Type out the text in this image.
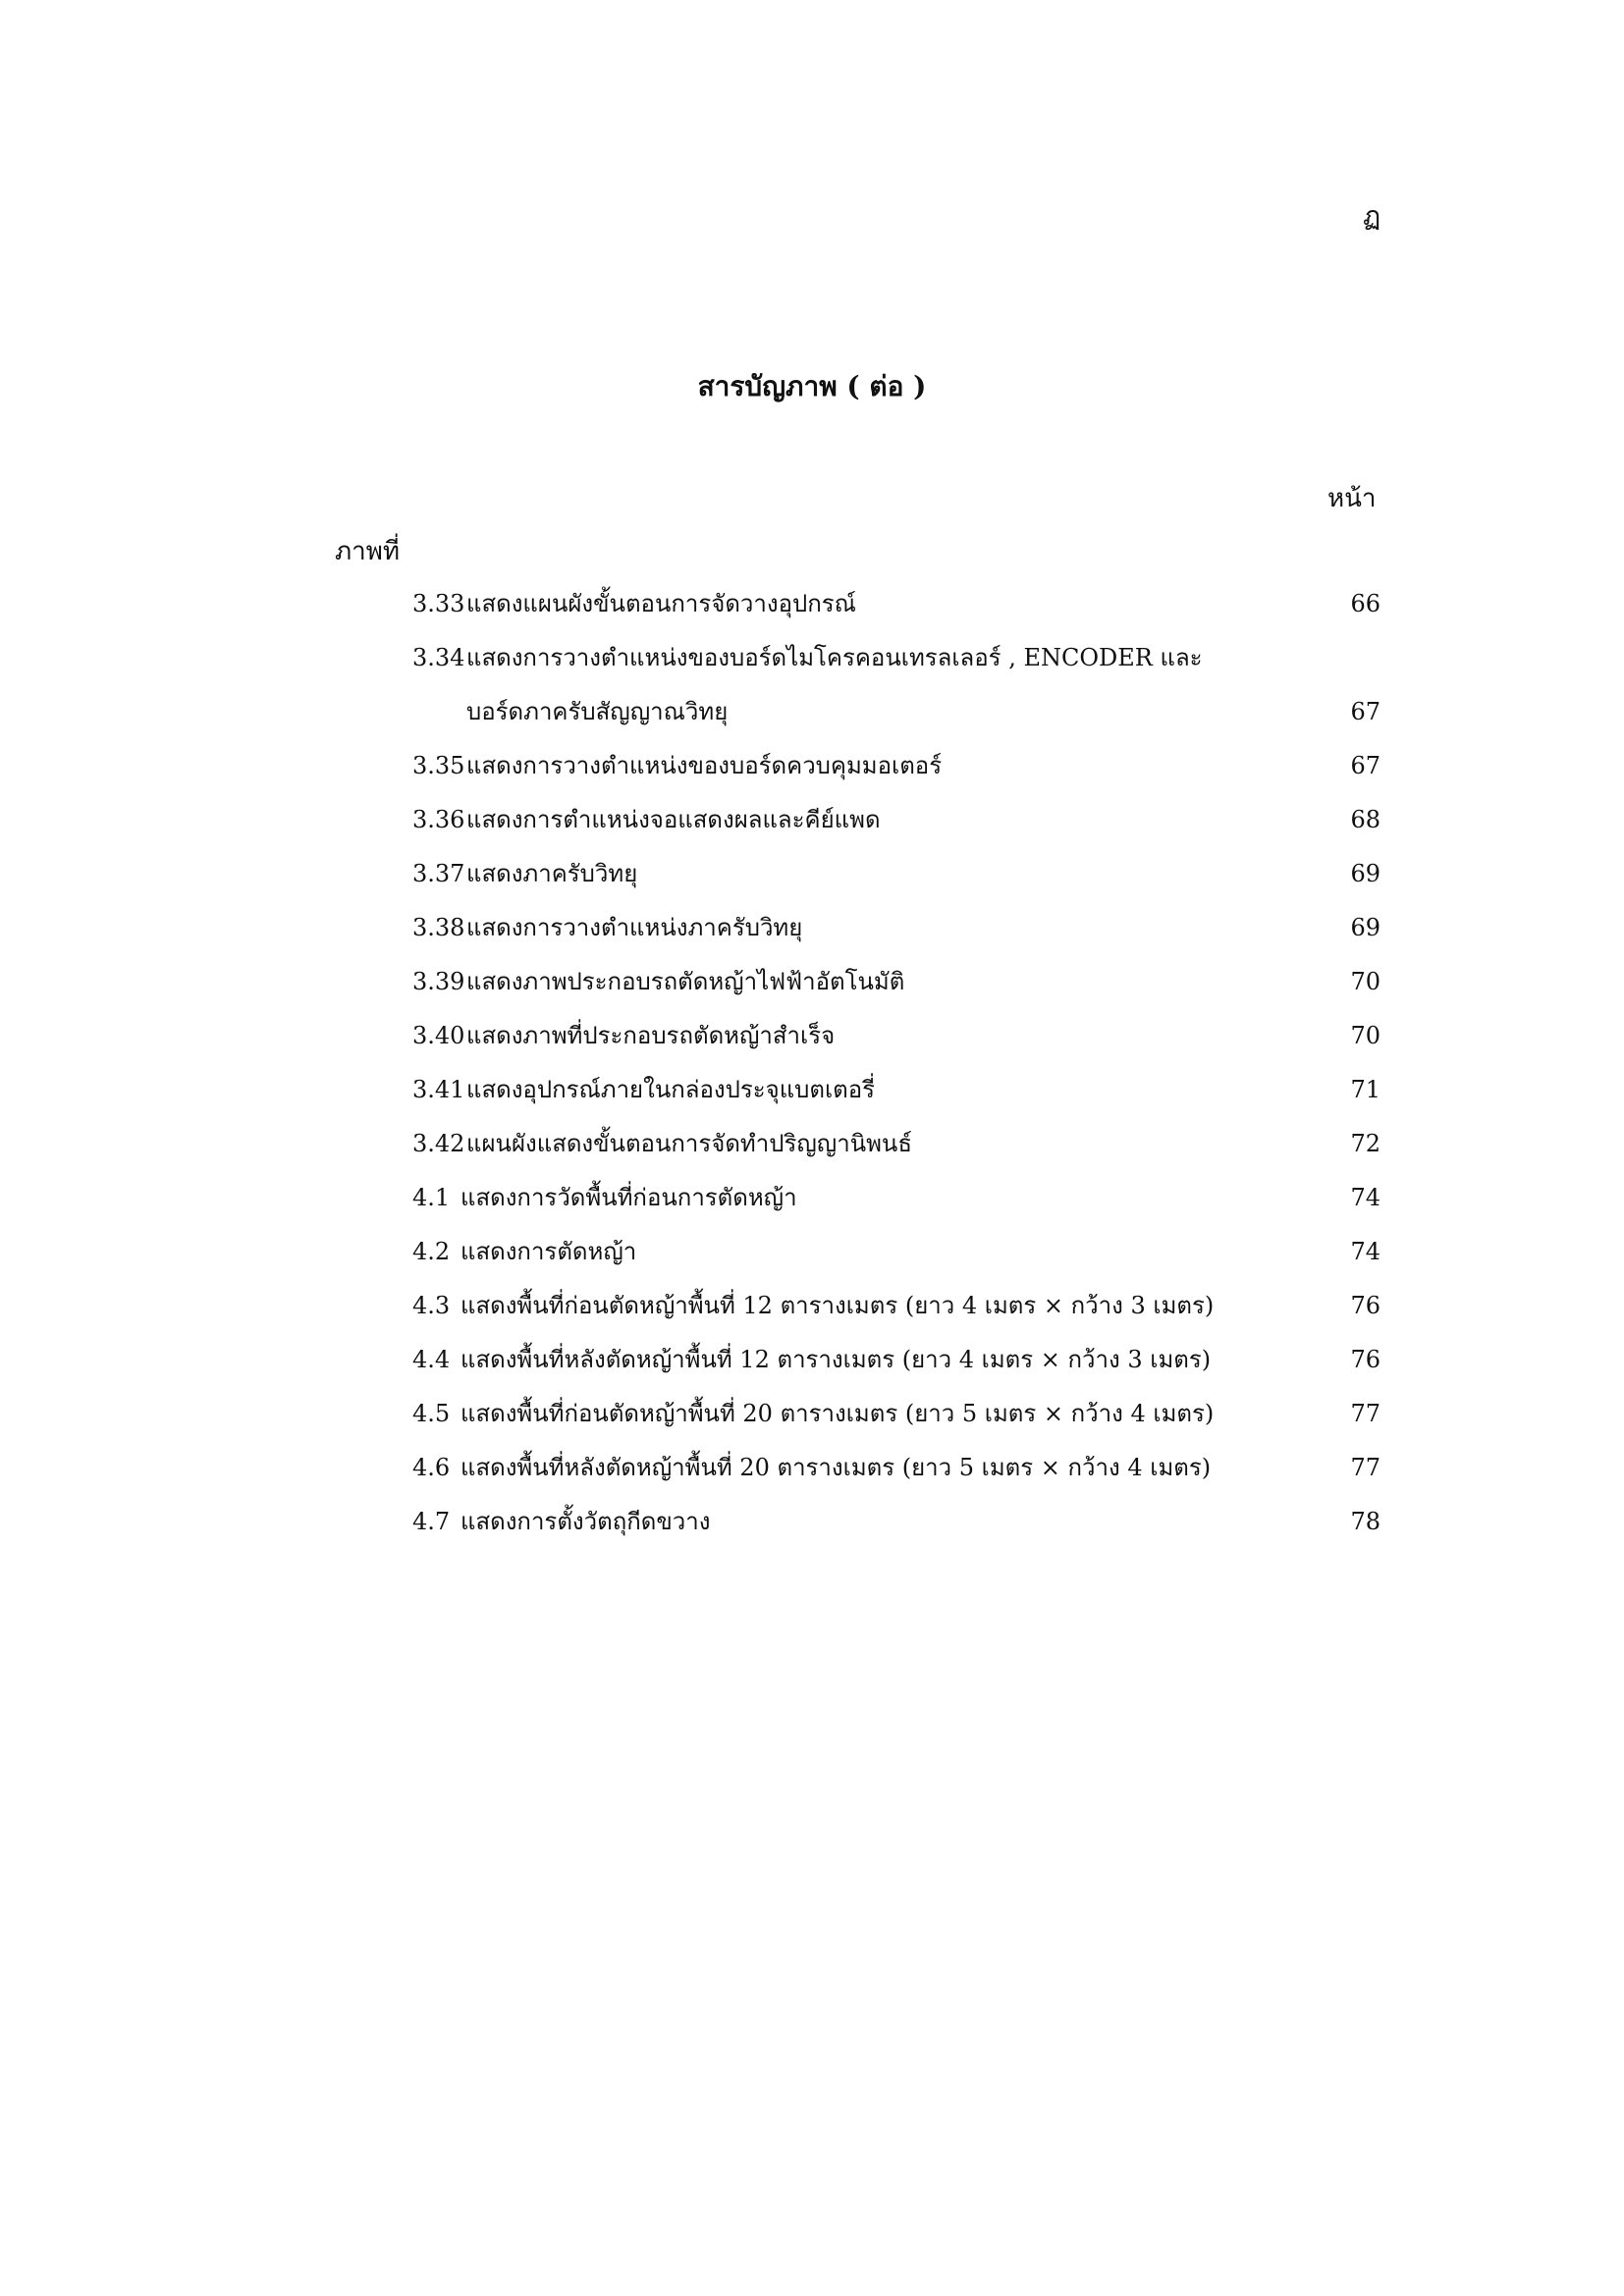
ฏ
สารบัญภาพ ( ต่อ )
หน้า
ภาพที่
3.33 แสดงแผนผังขั้นตอนการจัดวางอุปกรณ์	66
3.34 แสดงการวางตำแหน่งของบอร์ดไมโครคอนเทรลเลอร์ , ENCODER และ
บอร์ดภาครับสัญญาณวิทยุ	67
3.35 แสดงการวางตำแหน่งของบอร์ดควบคุมมอเตอร์	67
3.36 แสดงการตำแหน่งจอแสดงผลและคีย์แพด	68
3.37 แสดงภาครับวิทยุ	69
3.38 แสดงการวางตำแหน่งภาครับวิทยุ	69
3.39 แสดงภาพประกอบรถตัดหญ้าไฟฟ้าอัตโนมัติ	70
3.40 แสดงภาพที่ประกอบรถตัดหญ้าสำเร็จ	70
3.41 แสดงอุปกรณ์ภายในกล่องประจุแบตเตอรี่	71
3.42 แผนผังแสดงขั้นตอนการจัดทำปริญญานิพนธ์	72
4.1 แสดงการวัดพื้นที่ก่อนการตัดหญ้า	74
4.2 แสดงการตัดหญ้า	74
4.3 แสดงพื้นที่ก่อนตัดหญ้าพื้นที่ 12 ตารางเมตร (ยาว 4 เมตร × กว้าง 3 เมตร)	76
4.4 แสดงพื้นที่หลังตัดหญ้าพื้นที่ 12 ตารางเมตร (ยาว 4 เมตร × กว้าง 3 เมตร)	76
4.5 แสดงพื้นที่ก่อนตัดหญ้าพื้นที่ 20 ตารางเมตร (ยาว 5 เมตร × กว้าง 4 เมตร)	77
4.6 แสดงพื้นที่หลังตัดหญ้าพื้นที่ 20 ตารางเมตร (ยาว 5 เมตร × กว้าง 4 เมตร)	77
4.7 แสดงการตั้งวัตถุกีดขวาง	78
